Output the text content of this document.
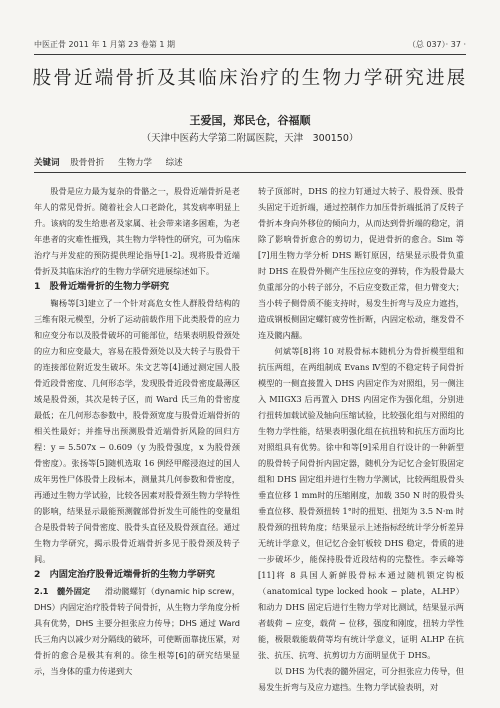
中医正骨 2011 年 1 月第 23 卷第 1 期	（总 037）· 37 ·
股骨近端骨折及其临床治疗的生物力学研究进展
王爱国，郑民仓，谷福顺
（天津中医药大学第二附属医院，天津　300150）
关键词 股骨骨折 生物力学 综述

股骨是应力最为复杂的骨骼之一，股骨近端骨折是老年人的常见骨折。随着社会人口老龄化，其发病率明显上升。该病的发生给患者及家属、社会带来诸多困难，为老年患者的灾难性摧残，其生物力学特性的研究，可为临床治疗与并发症的预防提供理论指导[1-2]。现将股骨近端骨折及其临床治疗的生物力学研究进展综述如下。

1　股骨近端骨折的生物力学研究

鞠杨等[3]建立了一个针对高危女性人群股骨结构的三维有限元模型，分析了运动前载作用下此类股骨的应力和应变分布以及股骨破坏的可能部位，结果表明股骨颈处的应力和应变最大，容易在股骨颈处以及大转子与股骨干的连接部位附近发生破坏。朱文艺等[4]通过测定国人股骨近段骨密度、几何形态学，发现股骨近段骨密度最薄区域是股骨颈，其次是转子区，而 Ward 氏三角的骨密度最低；在几何形态参数中，股骨颈宽度与股骨近端骨折的相关性最好；并推导出预测股骨近端骨折风险的回归方程：y = 5.507x − 0.609（y 为股骨强度，x 为股骨颈骨密度）。张扬等[5]随机选取 16 例经甲醛浸泡过的国人成年男性尸体股骨上段标本，测量其几何参数和骨密度，再通过生物力学试验，比较各因素对股骨颈生物力学特性的影响，结果显示最能预测髋部骨折发生可能性的变量组合是股骨转子间骨密度、股骨头直径及股骨颈直径。通过生物力学研究，揭示股骨近端骨折多见于股骨颈及转子间。

2　内固定治疗股骨近端骨折的生物力学研究

2.1　髓外固定　滑动髋螺钉（dynamic hip screw，DHS）内固定治疗股骨转子间骨折，从生物力学角度分析具有优势，DHS 主要分担张应力传导；DHS 通过 Ward 氏三角内以减少对分隔线的破坏，可使断面靠拢压紧，对骨折的愈合是极其有利的。徐生根等[6]的研究结果显示，当身体的重力传递到大

转子顶部时，DHS 的拉力钉通过大转子、股骨颈、股骨头固定于近折端，通过控制作力加压骨折端抵消了反转子骨折本身向外移位的倾向力，从而达到骨折端的稳定，消除了影响骨折愈合的剪切力，促进骨折的愈合。Sim 等[7]用生物力学分析 DHS 断钉原因，结果显示股骨负重时 DHS 在股骨外侧产生压拉应变的弹转，作为股骨最大负重部分的小转子部分，不后应变数正常，但力臂变大；当小转子侧骨质不能支持时，易发生折弯与及应力遮挡，造成钢板侧固定螺钉疲劳性折断，内固定松动，继发骨不连及髋内翻。

何斌等[8]将 10 对股骨标本随机分为骨折模型组和抗压两组，在两组制成 Evans Ⅳ型的不稳定转子间骨折模型的一侧直接置入 DHS 内固定作为对照组，另一侧注入 MIIGX3 后再置入 DHS 内固定作为强化组，分别进行扭转加载试验及轴向压缩试验，比较强化组与对照组的生物力学性能，结果表明强化组在抗扭转和抗压方面均比对照组具有优势。徐中和等[9]采用自行设计的一种新型的股骨转子间骨折内固定器，随机分为记忆合金钉股固定组和 DHS 固定组并进行生物力学测试，比较两组股骨头垂直位移 1 mm时的压缩刚度，加载 350 N 时的股骨头垂直位移、股骨颈扭转 1°时的扭矩、扭矩为 3.5 N·m 时股骨颈的扭转角度；结果显示上述指标经统计学分析差异无统计学意义，但记忆合金钉板较 DHS 稳定，骨质的进一步破坏少，能保持股骨近段结构的完整性。李云峰等[11]将 8 具国人新鲜股骨标本通过随机锁定钩板（anatomical type locked hook − plate，ALHP）和动力 DHS 固定后进行生物力学对比测试，结果显示两者载荷 − 应变，载荷 − 位移，强度和刚度，扭转力学性能，极限载能载荷等均有统计学意义，证明 ALHP 在抗张、抗压、抗弯、抗剪切力方面明显优于 DHS。

以 DHS 为代表的髓外固定，可分担张应力传导，但易发生折弯与及应力遮挡。生物力学试验表明，对
